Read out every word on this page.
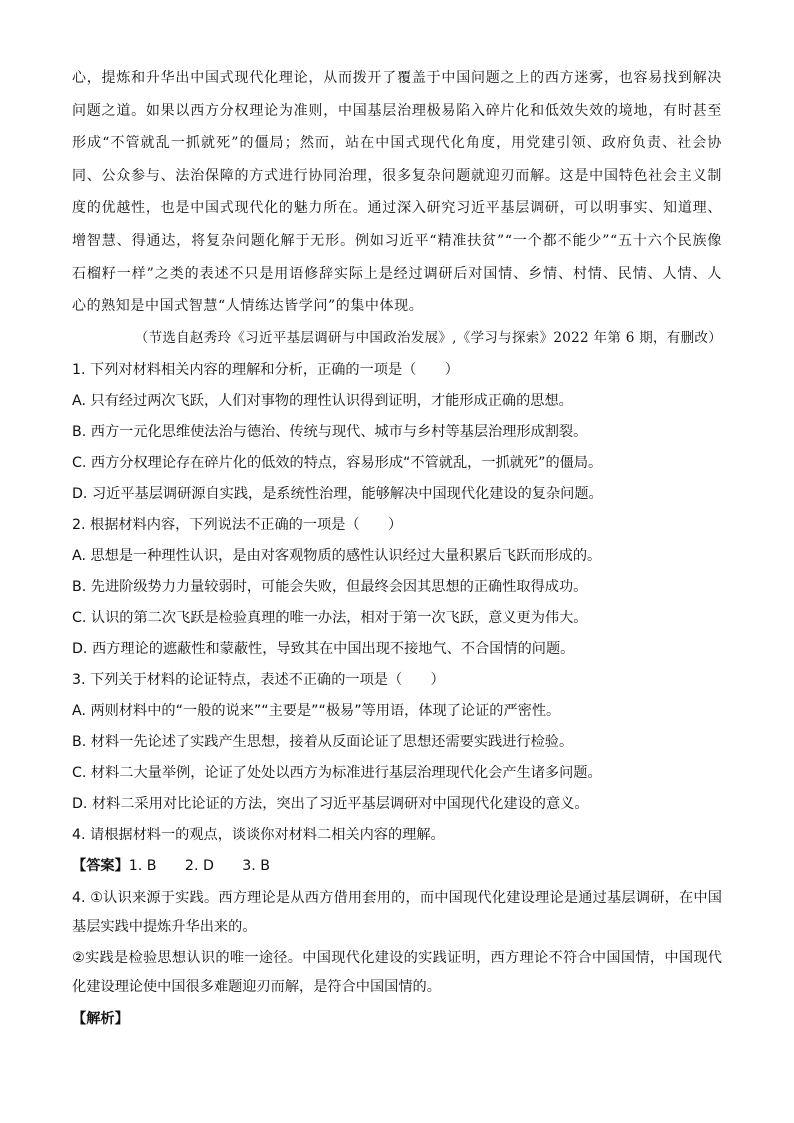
心，提炼和升华出中国式现代化理论，从而拨开了覆盖于中国问题之上的西方迷雾，也容易找到解决问题之道。如果以西方分权理论为准则，中国基层治理极易陷入碎片化和低效失效的境地，有时甚至形成“不管就乱一抓就死”的僵局；然而，站在中国式现代化角度，用党建引领、政府负责、社会协同、公众参与、法治保障的方式进行协同治理，很多复杂问题就迎刃而解。这是中国特色社会主义制度的优越性，也是中国式现代化的魅力所在。通过深入研究习近平基层调研，可以明事实、知道理、增智慧、得通达，将复杂问题化解于无形。例如习近平“精准扶贫”“一个都不能少”“五十六个民族像石榴籽一样”之类的表述不只是用语修辞实际上是经过调研后对国情、乡情、村情、民情、人情、人心的熟知是中国式智慧“人情练达皆学问”的集中体现。
（节选自赵秀玲《习近平基层调研与中国政治发展》,《学习与探索》2022 年第 6 期，有删改）
1. 下列对材料相关内容的理解和分析，正确的一项是（　　）
A. 只有经过两次飞跃，人们对事物的理性认识得到证明，才能形成正确的思想。
B. 西方一元化思维使法治与德治、传统与现代、城市与乡村等基层治理形成割裂。
C. 西方分权理论存在碎片化的低效的特点，容易形成“不管就乱，一抓就死”的僵局。
D. 习近平基层调研源自实践，是系统性治理，能够解决中国现代化建设的复杂问题。
2. 根据材料内容，下列说法不正确的一项是（　　）
A. 思想是一种理性认识，是由对客观物质的感性认识经过大量积累后飞跃而形成的。
B. 先进阶级势力力量较弱时，可能会失败，但最终会因其思想的正确性取得成功。
C. 认识的第二次飞跃是检验真理的唯一办法，相对于第一次飞跃，意义更为伟大。
D. 西方理论的遮蔽性和蒙蔽性，导致其在中国出现不接地气、不合国情的问题。
3. 下列关于材料的论证特点，表述不正确的一项是（　　）
A. 两则材料中的“一般的说来”“主要是”“极易”等用语，体现了论证的严密性。
B. 材料一先论述了实践产生思想，接着从反面论证了思想还需要实践进行检验。
C. 材料二大量举例，论证了处处以西方为标准进行基层治理现代化会产生诸多问题。
D. 材料二采用对比论证的方法，突出了习近平基层调研对中国现代化建设的意义。
4. 请根据材料一的观点，谈谈你对材料二相关内容的理解。
【答案】1. B　　2. D　　3. B
4. ①认识来源于实践。西方理论是从西方借用套用的，而中国现代化建设理论是通过基层调研，在中国基层实践中提炼升华出来的。
②实践是检验思想认识的唯一途径。中国现代化建设的实践证明，西方理论不符合中国国情，中国现代化建设理论使中国很多难题迎刃而解，是符合中国国情的。
【解析】
